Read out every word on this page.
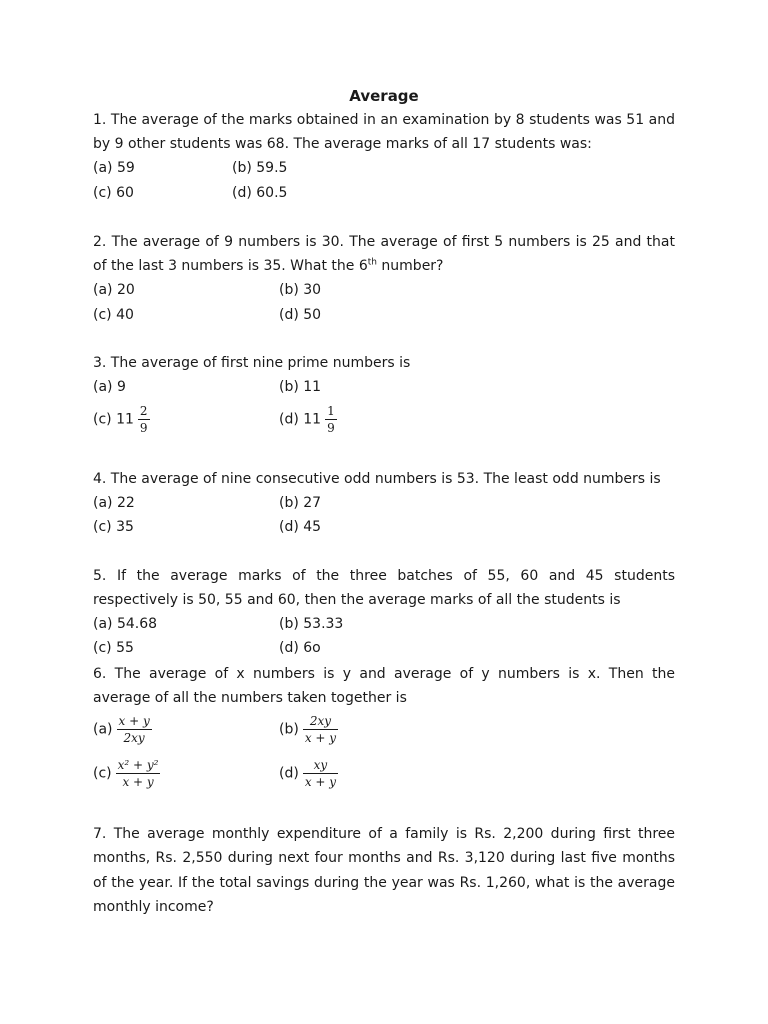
Average
1. The average of the marks obtained in an examination by 8 students was 51 and by 9 other students was 68. The average marks of all 17 students was:
(a) 59	(b) 59.5
(c) 60	(d) 60.5
2. The average of 9 numbers is 30. The average of first 5 numbers is 25 and that of the last 3 numbers is 35. What the 6th number?
(a) 20	(b) 30
(c) 40	(d) 50
3. The average of first nine prime numbers is
(a) 9	(b) 11
(c) $11 \frac{2}{9}$	(d) $11 \frac{1}{9}$
4. The average of nine consecutive odd numbers is 53. The least odd numbers is
(a) 22	(b) 27
(c) 35	(d) 45
5. If the average marks of the three batches of 55, 60 and 45 students respectively is 50, 55 and 60, then the average marks of all the students is
(a) 54.68	(b) 53.33
(c) 55	(d) 6o
6. The average of x numbers is y and average of y numbers is x. Then the average of all the numbers taken together is
$(a) \frac{x + y}{2xy}$	$(b) \frac{2xy}{x + y}$
$(c) \frac{\text{x² + y²}}{x + y}$	$(d) \frac{xy}{x + y}$
7. The average monthly expenditure of a family is Rs. 2,200 during first three months, Rs. 2,550 during next four months and Rs. 3,120 during last five months of the year. If the total savings during the year was Rs. 1,260, what is the average monthly income?
